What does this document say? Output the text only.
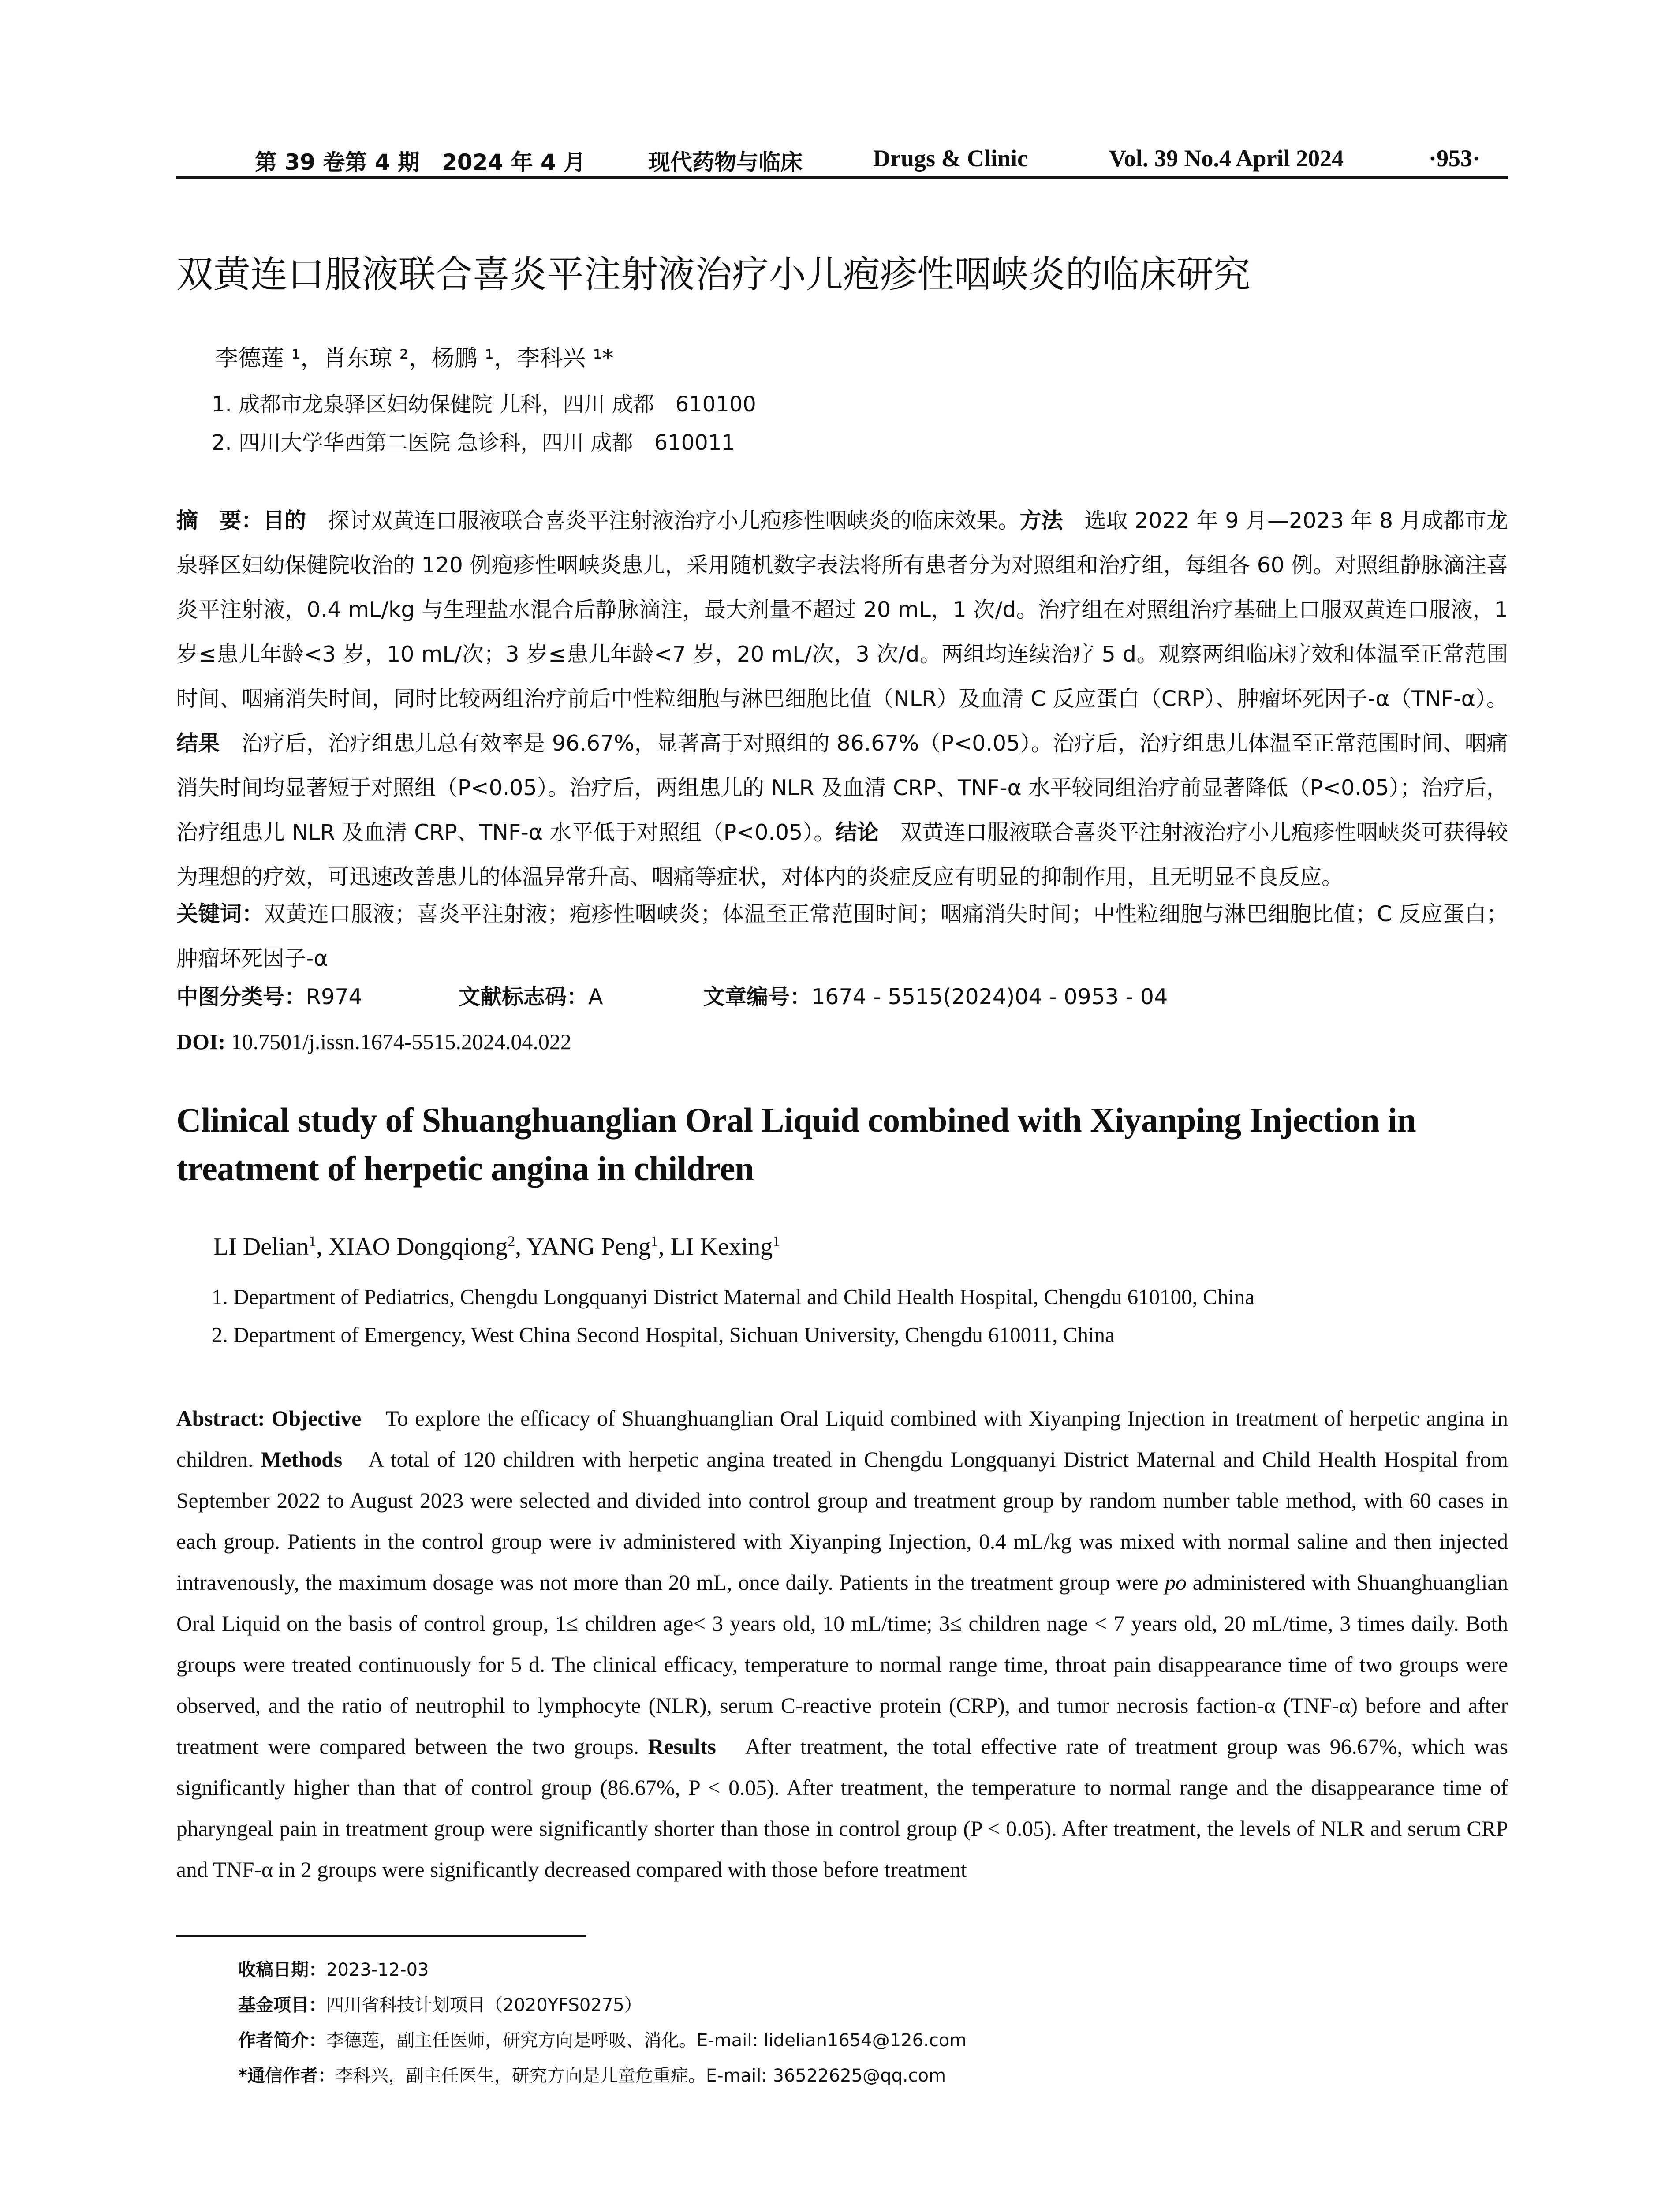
第 39 卷第 4 期　2024 年 4 月	现代药物与临床	Drugs & Clinic	Vol. 39 No.4 April 2024	·953·
双黄连口服液联合喜炎平注射液治疗小儿疱疹性咽峡炎的临床研究
李德莲 ¹，肖东琼 ²，杨鹏 ¹，李科兴 ¹*
1. 成都市龙泉驿区妇幼保健院 儿科，四川 成都　610100
2. 四川大学华西第二医院 急诊科，四川 成都　610011
摘　要：目的　探讨双黄连口服液联合喜炎平注射液治疗小儿疱疹性咽峡炎的临床效果。方法　选取 2022 年 9 月—2023 年 8 月成都市龙泉驿区妇幼保健院收治的 120 例疱疹性咽峡炎患儿，采用随机数字表法将所有患者分为对照组和治疗组，每组各 60 例。对照组静脉滴注喜炎平注射液，0.4 mL/kg 与生理盐水混合后静脉滴注，最大剂量不超过 20 mL，1 次/d。治疗组在对照组治疗基础上口服双黄连口服液，1 岁≤患儿年龄<3 岁，10 mL/次；3 岁≤患儿年龄<7 岁，20 mL/次，3 次/d。两组均连续治疗 5 d。观察两组临床疗效和体温至正常范围时间、咽痛消失时间，同时比较两组治疗前后中性粒细胞与淋巴细胞比值（NLR）及血清 C 反应蛋白（CRP）、肿瘤坏死因子-α（TNF-α）。结果　治疗后，治疗组患儿总有效率是 96.67%，显著高于对照组的 86.67%（P<0.05）。治疗后，治疗组患儿体温至正常范围时间、咽痛消失时间均显著短于对照组（P<0.05）。治疗后，两组患儿的 NLR 及血清 CRP、TNF-α 水平较同组治疗前显著降低（P<0.05）；治疗后，治疗组患儿 NLR 及血清 CRP、TNF-α 水平低于对照组（P<0.05）。结论　双黄连口服液联合喜炎平注射液治疗小儿疱疹性咽峡炎可获得较为理想的疗效，可迅速改善患儿的体温异常升高、咽痛等症状，对体内的炎症反应有明显的抑制作用，且无明显不良反应。
关键词：双黄连口服液；喜炎平注射液；疱疹性咽峡炎；体温至正常范围时间；咽痛消失时间；中性粒细胞与淋巴细胞比值；C 反应蛋白；肿瘤坏死因子-α
中图分类号： R974	文献标志码： A	文章编号： 1674 - 5515(2024)04 - 0953 - 04
DOI: 10.7501/j.issn.1674-5515.2024.04.022
Clinical study of Shuanghuanglian Oral Liquid combined with Xiyanping Injection in treatment of herpetic angina in children
LI Delian$^1$, XIAO Dongqiong$^2$, YANG Peng$^1$, LI Kexing$^1$
1. Department of Pediatrics, Chengdu Longquanyi District Maternal and Child Health Hospital, Chengdu 610100, China
2. Department of Emergency, West China Second Hospital, Sichuan University, Chengdu 610011, China
Abstract: Objective　To explore the efficacy of Shuanghuanglian Oral Liquid combined with Xiyanping Injection in treatment of herpetic angina in children. Methods　A total of 120 children with herpetic angina treated in Chengdu Longquanyi District Maternal and Child Health Hospital from September 2022 to August 2023 were selected and divided into control group and treatment group by random number table method, with 60 cases in each group. Patients in the control group were iv administered with Xiyanping Injection, 0.4 mL/kg was mixed with normal saline and then injected intravenously, the maximum dosage was not more than 20 mL, once daily. Patients in the treatment group were po administered with Shuanghuanglian Oral Liquid on the basis of control group, 1≤ children age< 3 years old, 10 mL/time; 3≤ children nage < 7 years old, 20 mL/time, 3 times daily. Both groups were treated continuously for 5 d. The clinical efficacy, temperature to normal range time, throat pain disappearance time of two groups were observed, and the ratio of neutrophil to lymphocyte (NLR), serum C-reactive protein (CRP), and tumor necrosis faction-α (TNF-α) before and after treatment were compared between the two groups. Results　After treatment, the total effective rate of treatment group was 96.67%, which was significantly higher than that of control group (86.67%, P < 0.05). After treatment, the temperature to normal range and the disappearance time of pharyngeal pain in treatment group were significantly shorter than those in control group (P < 0.05). After treatment, the levels of NLR and serum CRP and TNF-α in 2 groups were significantly decreased compared with those before treatment
收稿日期：2023-12-03
基金项目：四川省科技计划项目（2020YFS0275）
作者简介：李德莲，副主任医师，研究方向是呼吸、消化。E-mail: lidelian1654@126.com
*通信作者：李科兴，副主任医生，研究方向是儿童危重症。E-mail: 36522625@qq.com
